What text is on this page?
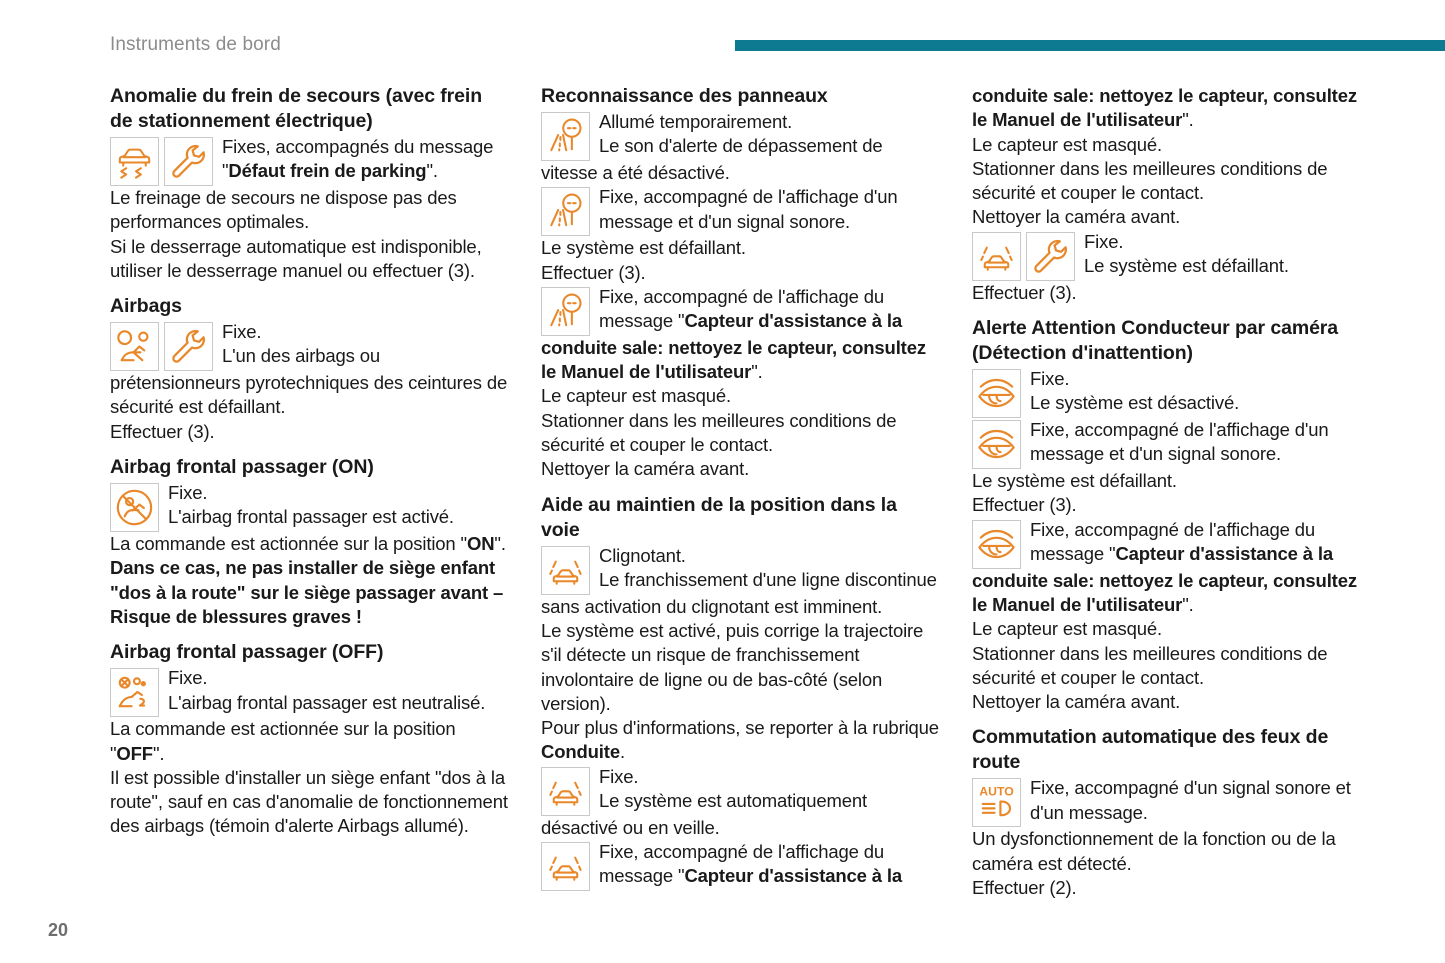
Instruments de bord
Anomalie du frein de secours (avec frein de stationnement électrique)
Fixes, accompagnés du message
"Défaut frein de parking".

Le freinage de secours ne dispose pas des performances optimales.

Si le desserrage automatique est indisponible, utiliser le desserrage manuel ou effectuer (3).

Airbags
Fixe.
L'un des airbags ou

prétensionneurs pyrotechniques des ceintures de sécurité est défaillant.

Effectuer (3).

Airbag frontal passager (ON)
Fixe.
L'airbag frontal passager est activé.

La commande est actionnée sur la position "ON".

Dans ce cas, ne pas installer de siège enfant "dos à la route" sur le siège passager avant – Risque de blessures graves !

Airbag frontal passager (OFF)
Fixe.
L'airbag frontal passager est neutralisé.

La commande est actionnée sur la position "OFF".

Il est possible d'installer un siège enfant "dos à la route", sauf en cas d'anomalie de fonctionnement des airbags (témoin d'alerte Airbags allumé).

Reconnaissance des panneaux
Allumé temporairement.
Le son d'alerte de dépassement de

vitesse a été désactivé.

Fixe, accompagné de l'affichage d'un
message et d'un signal sonore.

Le système est défaillant.

Effectuer (3).

Fixe, accompagné de l'affichage du
message "Capteur d'assistance à la

conduite sale: nettoyez le capteur, consultez le Manuel de l'utilisateur".

Le capteur est masqué.

Stationner dans les meilleures conditions de sécurité et couper le contact.

Nettoyer la caméra avant.

Aide au maintien de la position dans la voie
Clignotant.
Le franchissement d'une ligne discontinue

sans activation du clignotant est imminent.

Le système est activé, puis corrige la trajectoire s'il détecte un risque de franchissement involontaire de ligne ou de bas-côté (selon version).

Pour plus d'informations, se reporter à la rubrique Conduite.

Fixe.
Le système est automatiquement

désactivé ou en veille.

Fixe, accompagné de l'affichage du
message "Capteur d'assistance à la

conduite sale: nettoyez le capteur, consultez le Manuel de l'utilisateur".

Le capteur est masqué.

Stationner dans les meilleures conditions de sécurité et couper le contact.

Nettoyer la caméra avant.

Fixe.
Le système est défaillant.

Effectuer (3).

Alerte Attention Conducteur par caméra (Détection d'inattention)
Fixe.
Le système est désactivé.
Fixe, accompagné de l'affichage d'un
message et d'un signal sonore.

Le système est défaillant.

Effectuer (3).

Fixe, accompagné de l'affichage du
message "Capteur d'assistance à la

conduite sale: nettoyez le capteur, consultez le Manuel de l'utilisateur".

Le capteur est masqué.

Stationner dans les meilleures conditions de sécurité et couper le contact.

Nettoyer la caméra avant.

Commutation automatique des feux de route
Fixe, accompagné d'un signal sonore et
d'un message.

Un dysfonctionnement de la fonction ou de la caméra est détecté.

Effectuer (2).

20
